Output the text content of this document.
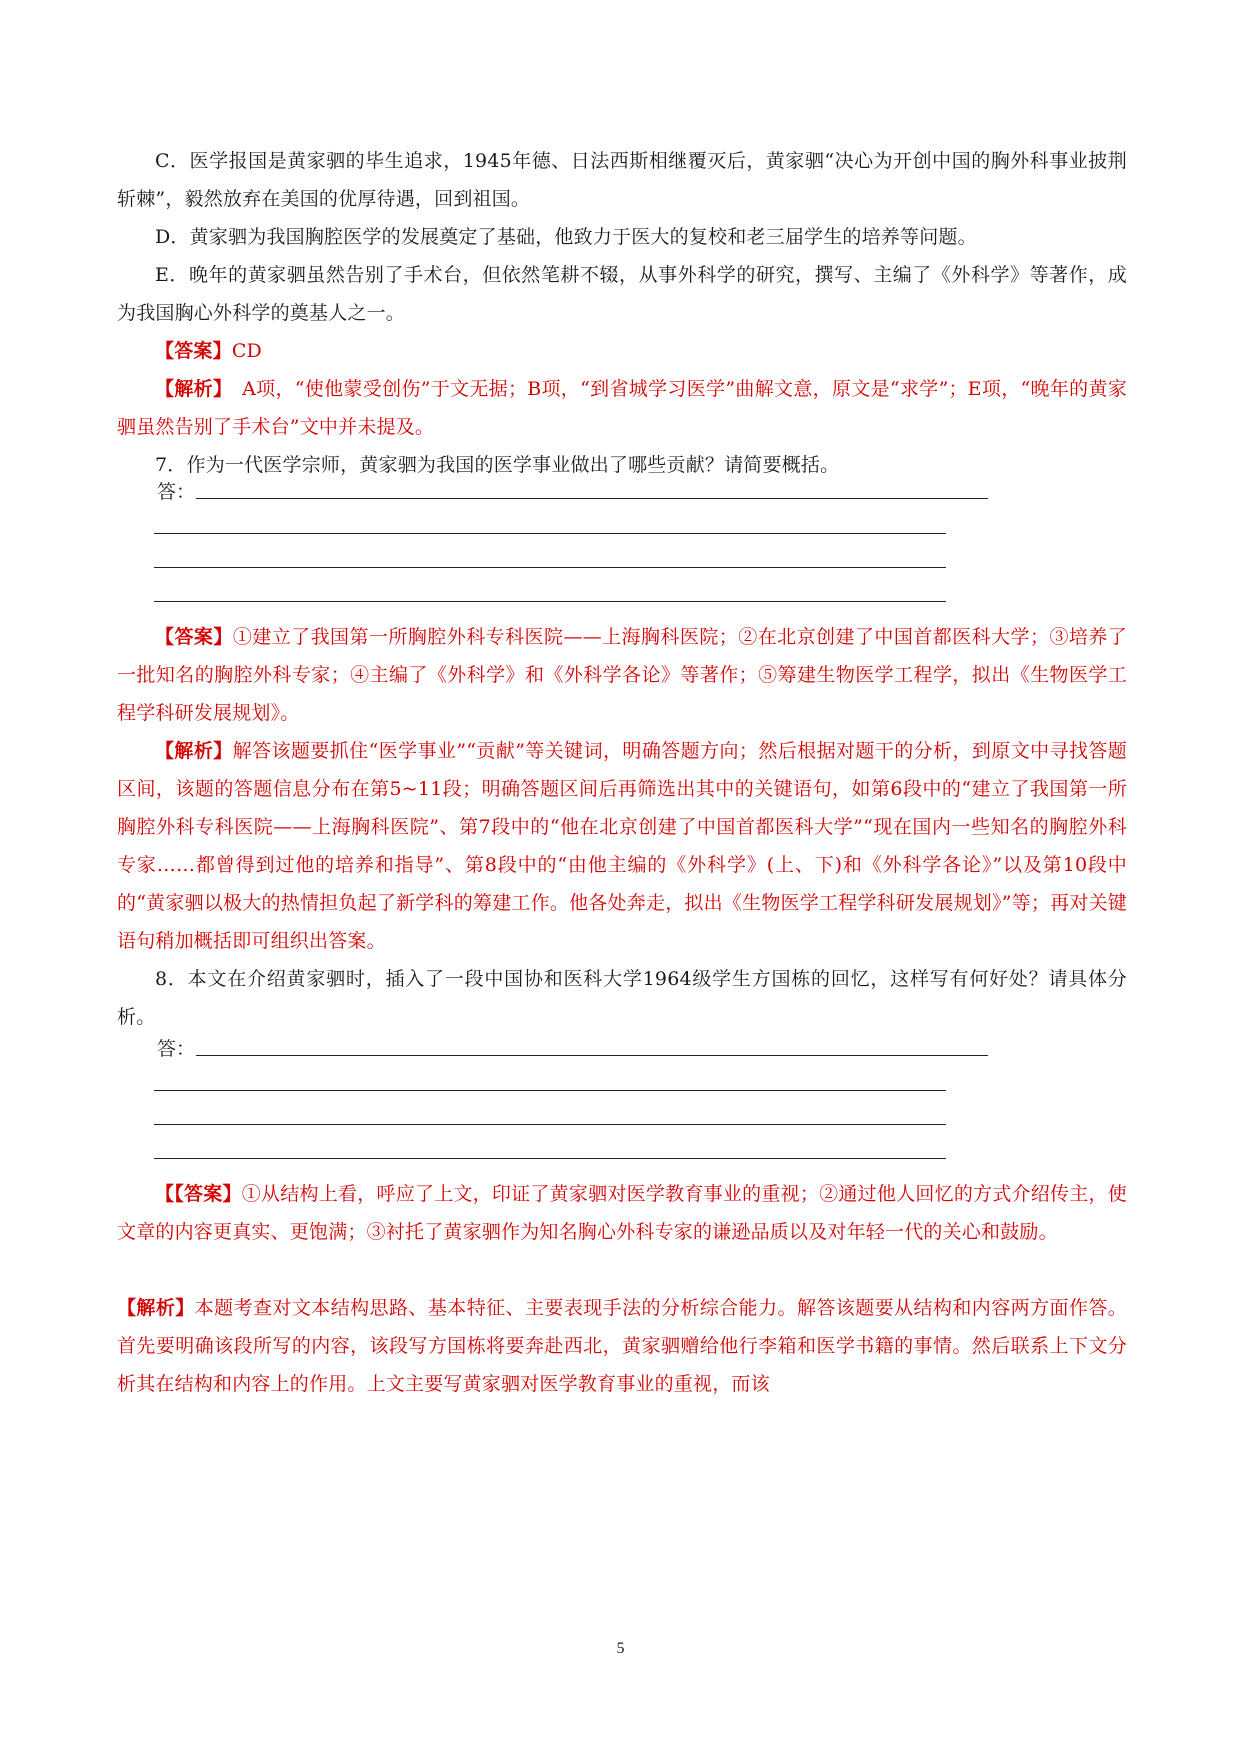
C．医学报国是黄家驷的毕生追求，1945年德、日法西斯相继覆灭后，黄家驷“决心为开创中国的胸外科事业披荆斩棘”，毅然放弃在美国的优厚待遇，回到祖国。
D．黄家驷为我国胸腔医学的发展奠定了基础，他致力于医大的复校和老三届学生的培养等问题。
E．晚年的黄家驷虽然告别了手术台，但依然笔耕不辍，从事外科学的研究，撰写、主编了《外科学》等著作，成为我国胸心外科学的奠基人之一。
【答案】CD
【解析】　A项，“使他蒙受创伤”于文无据；B项，“到省城学习医学”曲解文意，原文是“求学”；E项，“晚年的黄家驷虽然告别了手术台”文中并未提及。
7．作为一代医学宗师，黄家驷为我国的医学事业做出了哪些贡献？请简要概括。
答：
【答案】①建立了我国第一所胸腔外科专科医院——上海胸科医院；②在北京创建了中国首都医科大学；③培养了一批知名的胸腔外科专家；④主编了《外科学》和《外科学各论》等著作；⑤筹建生物医学工程学，拟出《生物医学工程学科研发展规划》。
【解析】解答该题要抓住“医学事业”“贡献”等关键词，明确答题方向；然后根据对题干的分析，到原文中寻找答题区间，该题的答题信息分布在第5~11段；明确答题区间后再筛选出其中的关键语句，如第6段中的“建立了我国第一所胸腔外科专科医院——上海胸科医院”、第7段中的“他在北京创建了中国首都医科大学”“现在国内一些知名的胸腔外科专家……都曾得到过他的培养和指导”、第8段中的“由他主编的《外科学》(上、下)和《外科学各论》”以及第10段中的“黄家驷以极大的热情担负起了新学科的筹建工作。他各处奔走，拟出《生物医学工程学科研发展规划》”等；再对关键语句稍加概括即可组织出答案。
8．本文在介绍黄家驷时，插入了一段中国协和医科大学1964级学生方国栋的回忆，这样写有何好处？请具体分析。
答：
【【答案】①从结构上看，呼应了上文，印证了黄家驷对医学教育事业的重视；②通过他人回忆的方式介绍传主，使文章的内容更真实、更饱满；③衬托了黄家驷作为知名胸心外科专家的谦逊品质以及对年轻一代的关心和鼓励。
【解析】本题考查对文本结构思路、基本特征、主要表现手法的分析综合能力。解答该题要从结构和内容两方面作答。首先要明确该段所写的内容，该段写方国栋将要奔赴西北，黄家驷赠给他行李箱和医学书籍的事情。然后联系上下文分析其在结构和内容上的作用。上文主要写黄家驷对医学教育事业的重视，而该
5
